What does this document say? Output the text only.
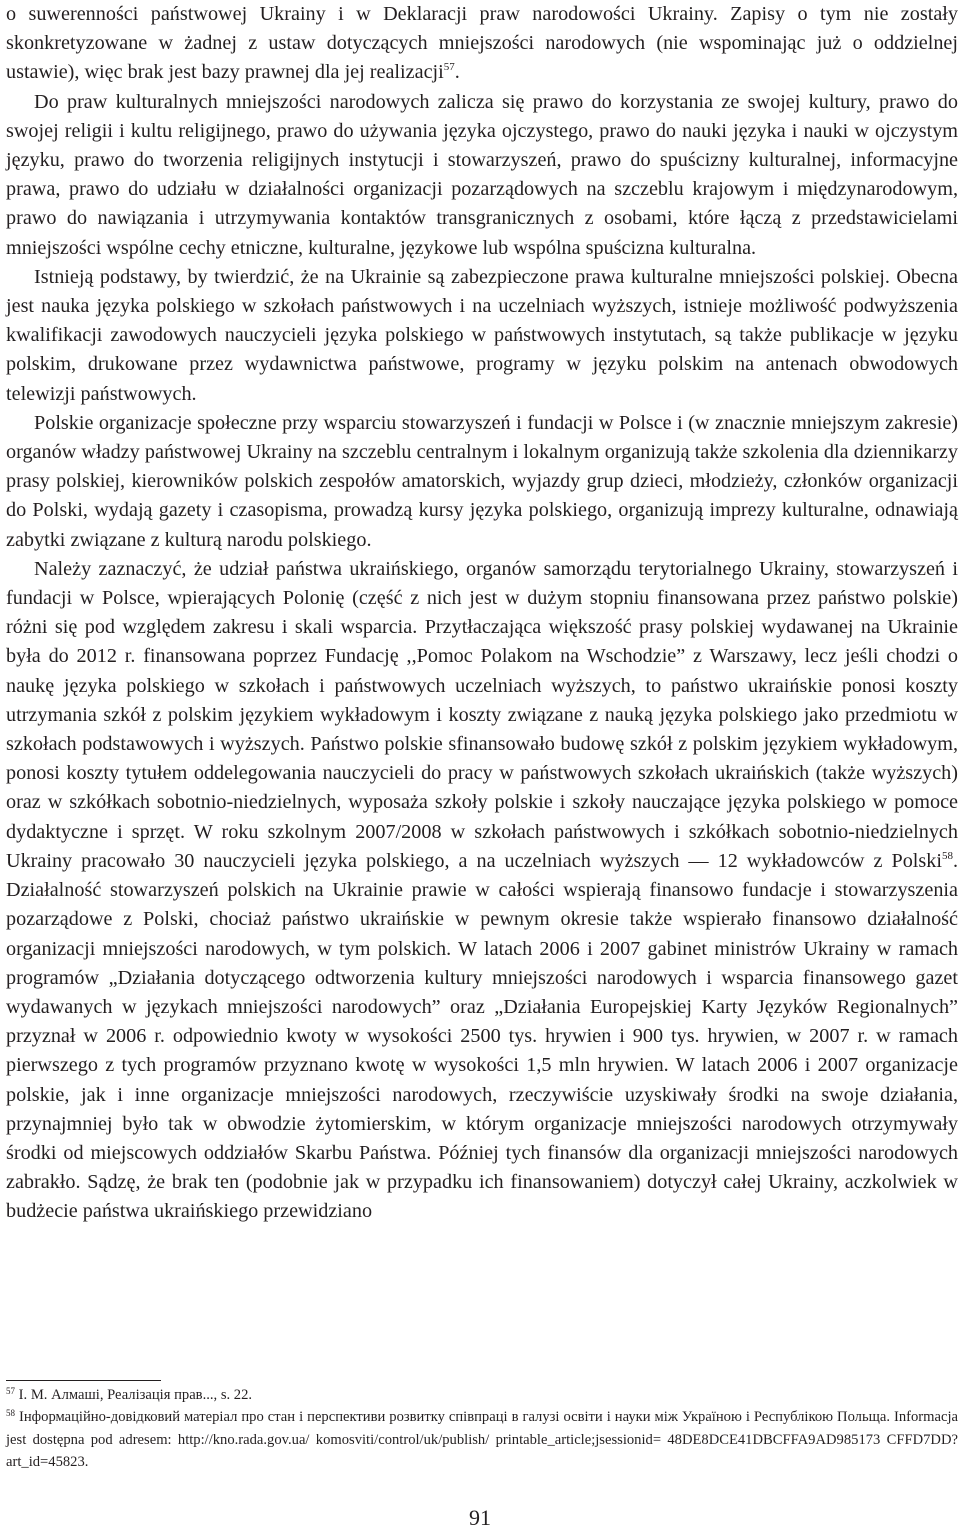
o suwerenności państwowej Ukrainy i w Deklaracji praw narodowości Ukrainy. Zapisy o tym nie zostały skonkretyzowane w żadnej z ustaw dotyczących mniejszości narodowych (nie wspominając już o oddzielnej ustawie), więc brak jest bazy prawnej dla jej realizacji$^{57}$.

Do praw kulturalnych mniejszości narodowych zalicza się prawo do korzystania ze swojej kultury, prawo do swojej religii i kultu religijnego, prawo do używania języka ojczystego, prawo do nauki języka i nauki w ojczystym języku, prawo do tworzenia religijnych instytucji i stowarzyszeń, prawo do spuścizny kulturalnej, informacyjne prawa, prawo do udziału w działalności organizacji pozarządowych na szczeblu krajowym i międzynarodowym, prawo do nawiązania i utrzymywania kontaktów transgranicznych z osobami, które łączą z przedstawicielami mniejszości wspólne cechy etniczne, kulturalne, językowe lub wspólna spuścizna kulturalna.

Istnieją podstawy, by twierdzić, że na Ukrainie są zabezpieczone prawa kulturalne mniejszości polskiej. Obecna jest nauka języka polskiego w szkołach państwowych i na uczelniach wyższych, istnieje możliwość podwyższenia kwalifikacji zawodowych nauczycieli języka polskiego w państwowych instytutach, są także publikacje w języku polskim, drukowane przez wydawnictwa państwowe, programy w języku polskim na antenach obwodowych telewizji państwowych.

Polskie organizacje społeczne przy wsparciu stowarzyszeń i fundacji w Polsce i (w znacznie mniejszym zakresie) organów władzy państwowej Ukrainy na szczeblu centralnym i lokalnym organizują także szkolenia dla dziennikarzy prasy polskiej, kierowników polskich zespołów amatorskich, wyjazdy grup dzieci, młodzieży, członków organizacji do Polski, wydają gazety i czasopisma, prowadzą kursy języka polskiego, organizują imprezy kulturalne, odnawiają zabytki związane z kulturą narodu polskiego.

Należy zaznaczyć, że udział państwa ukraińskiego, organów samorządu terytorialnego Ukrainy, stowarzyszeń i fundacji w Polsce, wpierających Polonię (część z nich jest w dużym stopniu finansowana przez państwo polskie) różni się pod względem zakresu i skali wsparcia. Przytłaczająca większość prasy polskiej wydawanej na Ukrainie była do 2012 r. finansowana poprzez Fundację ,,Pomoc Polakom na Wschodzie” z Warszawy, lecz jeśli chodzi o naukę języka polskiego w szkołach i państwowych uczelniach wyższych, to państwo ukraińskie ponosi koszty utrzymania szkół z polskim językiem wykładowym i koszty związane z nauką języka polskiego jako przedmiotu w szkołach podstawowych i wyższych. Państwo polskie sfinansowało budowę szkół z polskim językiem wykładowym, ponosi koszty tytułem oddelegowania nauczycieli do pracy w państwowych szkołach ukraińskich (także wyższych) oraz w szkółkach sobotnio-niedzielnych, wyposaża szkoły polskie i szkoły nauczające języka polskiego w pomoce dydaktyczne i sprzęt. W roku szkolnym 2007/2008 w szkołach państwowych i szkółkach sobotnio-niedzielnych Ukrainy pracowało 30 nauczycieli języka polskiego, a na uczelniach wyższych — 12 wykładowców z Polski$^{58}$. Działalność stowarzyszeń polskich na Ukrainie prawie w całości wspierają finansowo fundacje i stowarzyszenia pozarządowe z Polski, chociaż państwo ukraińskie w pewnym okresie także wspierało finansowo działalność organizacji mniejszości narodowych, w tym polskich. W latach 2006 i 2007 gabinet ministrów Ukrainy w ramach programów „Działania dotyczącego odtworzenia kultury mniejszości narodowych i wsparcia finansowego gazet wydawanych w językach mniejszości narodowych” oraz „Działania Europejskiej Karty Języków Regionalnych” przyznał w 2006 r. odpowiednio kwoty w wysokości 2500 tys. hrywien i 900 tys. hrywien, w 2007 r. w ramach pierwszego z tych programów przyznano kwotę w wysokości 1,5 mln hrywien. W latach 2006 i 2007 organizacje polskie, jak i inne organizacje mniejszości narodowych, rzeczywiście uzyskiwały środki na swoje działania, przynajmniej było tak w obwodzie żytomierskim, w którym organizacje mniejszości narodowych otrzymywały środki od miejscowych oddziałów Skarbu Państwa. Później tych finansów dla organizacji mniejszości narodowych zabrakło. Sądzę, że brak ten (podobnie jak w przypadku ich finansowaniem) dotyczył całej Ukrainy, aczkolwiek w budżecie państwa ukraińskiego przewidziano

$^{57}$ І. М. Алмаші, Реалізація прав..., s. 22.

$^{58}$ Інформаційно-довідковий матеріал про стан і перспективи розвитку співпраці в галузі освіти і науки між Україною і Республікою Польща. Informacja jest dostępna pod adresem: http://kno.rada.gov.ua/ komosviti/control/uk/publish/ printable_article;jsessionid= 48DE8DCE41DBCFFA9AD985173 CFFD7DD? art_id=45823.

91
